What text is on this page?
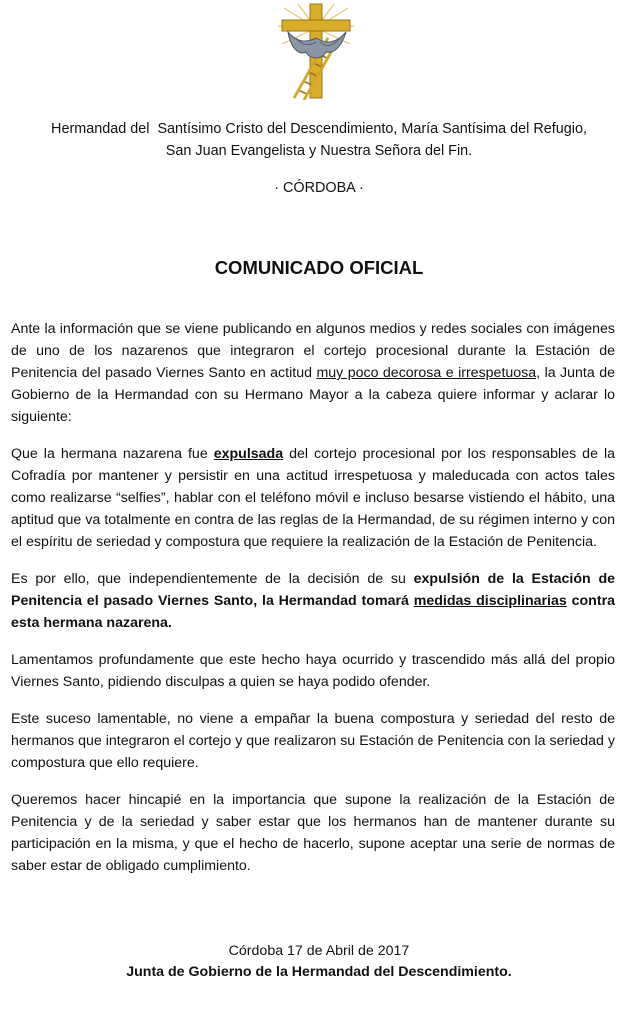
Hermandad del  Santísimo Cristo del Descendimiento, María Santísima del Refugio,
San Juan Evangelista y Nuestra Señora del Fin.
· CÓRDOBA ·
COMUNICADO OFICIAL

Ante la información que se viene publicando en algunos medios y redes sociales con imágenes de uno de los nazarenos que integraron el cortejo procesional durante la Estación de Penitencia del pasado Viernes Santo en actitud muy poco decorosa e irrespetuosa, la Junta de Gobierno de la Hermandad con su Hermano Mayor a la cabeza quiere informar y aclarar lo siguiente:

Que la hermana nazarena fue expulsada del cortejo procesional por los responsables de la Cofradía por mantener y persistir en una actitud irrespetuosa y maleducada con actos tales como realizarse “selfies”, hablar con el teléfono móvil e incluso besarse vistiendo el hábito, una aptitud que va totalmente en contra de las reglas de la Hermandad, de su régimen interno y con el espíritu de seriedad y compostura que requiere la realización de la Estación de Penitencia.

Es por ello, que independientemente de la decisión de su expulsión de la Estación de Penitencia el pasado Viernes Santo, la Hermandad tomará medidas disciplinarias contra esta hermana nazarena.

Lamentamos profundamente que este hecho haya ocurrido y trascendido más allá del propio Viernes Santo, pidiendo disculpas a quien se haya podido ofender.

Este suceso lamentable, no viene a empañar la buena compostura y seriedad del resto de hermanos que integraron el cortejo y que realizaron su Estación de Penitencia con la seriedad y compostura que ello requiere.

Queremos hacer hincapié en la importancia que supone la realización de la Estación de Penitencia y de la seriedad y saber estar que los hermanos han de mantener durante su participación en la misma, y que el hecho de hacerlo, supone aceptar una serie de normas de saber estar de obligado cumplimiento.

Córdoba 17 de Abril de 2017
Junta de Gobierno de la Hermandad del Descendimiento.
